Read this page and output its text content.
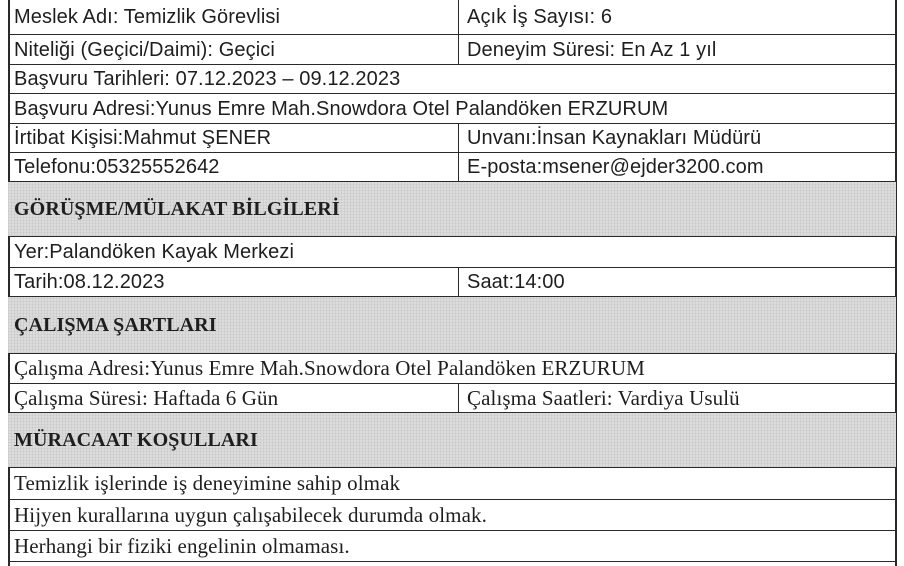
Meslek Adı: Temizlik Görevlisi	Açık İş Sayısı: 6
Niteliği (Geçici/Daimi): Geçici	Deneyim Süresi: En Az 1 yıl
Başvuru Tarihleri: 07.12.2023 – 09.12.2023
Başvuru Adresi:Yunus Emre Mah.Snowdora Otel Palandöken ERZURUM
İrtibat Kişisi:Mahmut ŞENER	Unvanı:İnsan Kaynakları Müdürü
Telefonu:05325552642	E-posta:msener@ejder3200.com
GÖRÜŞME/MÜLAKAT BİLGİLERİ
Yer:Palandöken Kayak Merkezi
Tarih:08.12.2023	Saat:14:00
ÇALIŞMA ŞARTLARI
Çalışma Adresi:Yunus Emre Mah.Snowdora Otel Palandöken ERZURUM
Çalışma Süresi: Haftada 6 Gün	Çalışma Saatleri: Vardiya Usulü
MÜRACAAT KOŞULLARI
Temizlik işlerinde iş deneyimine sahip olmak
Hijyen kurallarına uygun çalışabilecek durumda olmak.
Herhangi bir fiziki engelinin olmaması.
